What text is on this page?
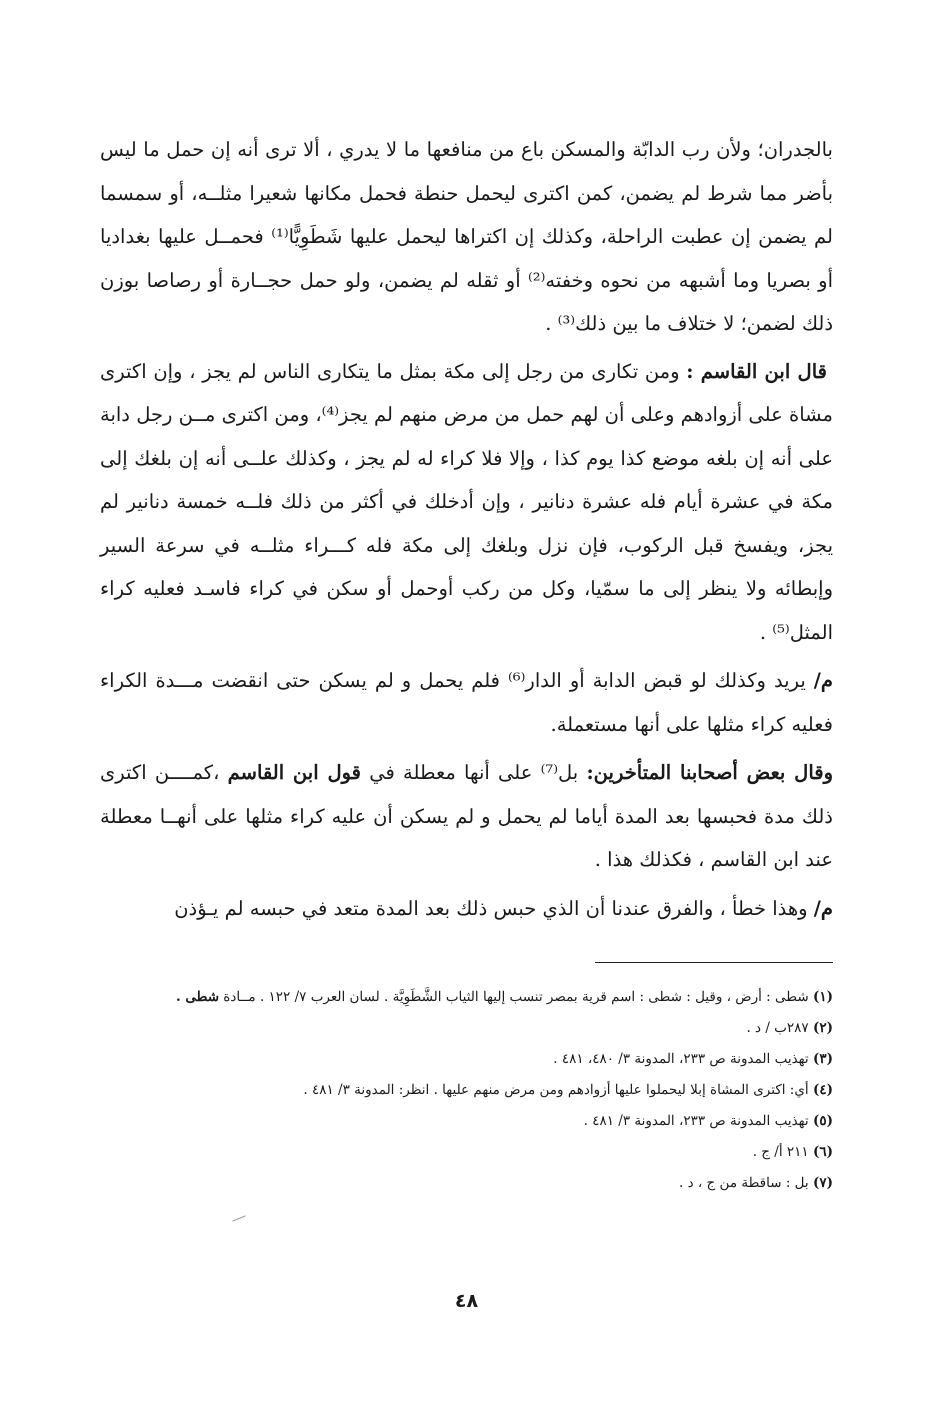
بالجدران؛ ولأن رب الدابّة والمسكن باع من منافعها ما لا يدري ، ألا ترى أنه إن حمل ما ليس بأضر مما شرط لم يضمن، كمن اكترى ليحمل حنطة فحمل مكانها شعيرا مثلــه، أو سمسما لم يضمن إن عطبت الراحلة، وكذلك إن اكتراها ليحمل عليها شَطَوِيًّا⁽¹⁾ فحمــل عليها بغداديا أو بصريا وما أشبهه من نحوه وخفته⁽²⁾ أو ثقله لم يضمن، ولو حمل حجــارة أو رصاصا بوزن ذلك لضمن؛ لا ختلاف ما بين ذلك⁽³⁾ .

قال ابن القاسم : ومن تكارى من رجل إلى مكة بمثل ما يتكارى الناس لم يجز ، وإن اكترى مشاة على أزوادهم وعلى أن لهم حمل من مرض منهم لم يجز⁽⁴⁾، ومن اكترى مــن رجل دابة على أنه إن بلغه موضع كذا يوم كذا ، وإلا فلا كراء له لم يجز ، وكذلك علــى أنه إن بلغك إلى مكة في عشرة أيام فله عشرة دنانير ، وإن أدخلك في أكثر من ذلك فلــه خمسة دنانير لم يجز، ويفسخ قبل الركوب، فإن نزل وبلغك إلى مكة فله كـــراء مثلــه في سرعة السير وإبطائه ولا ينظر إلى ما سمّيا، وكل من ركب أوحمل أو سكن في كراء فاسـد فعليه كراء المثل⁽⁵⁾ .

م/ يريد وكذلك لو قبض الدابة أو الدار⁽⁶⁾ فلم يحمل و لم يسكن حتى انقضت مـــدة الكراء فعليه كراء مثلها على أنها مستعملة.

وقال بعض أصحابنا المتأخرين: بل⁽⁷⁾ على أنها معطلة في قول ابن القاسم ،كمــــن اكترى ذلك مدة فحبسها بعد المدة أياما لم يحمل و لم يسكن أن عليه كراء مثلها على أنهــا معطلة عند ابن القاسم ، فكذلك هذا .

م/ وهذا خطأ ، والفرق عندنا أن الذي حبس ذلك بعد المدة متعد في حبسه لم يـؤذن

(١) شطى : أرض ، وقيل : شطى : اسم قرية بمصر تنسب إليها الثياب الشَّطَوِيَّة . لسان العرب ٧/ ١٢٢ . مــادة شطى .

(٢) ٢٨٧ب / د .

(٣) تهذيب المدونة ص ٢٣٣، المدونة ٣/ ٤٨٠، ٤٨١ .

(٤) أي: اكترى المشاة إبلا ليحملوا عليها أزوادهم ومن مرض منهم عليها . انظر: المدونة ٣/ ٤٨١ .

(٥) تهذيب المدونة ص ٢٣٣، المدونة ٣/ ٤٨١ .

(٦) ٢١١ أ/ ج .

(٧) بل : ساقطة من ج ، د .

٤٨
